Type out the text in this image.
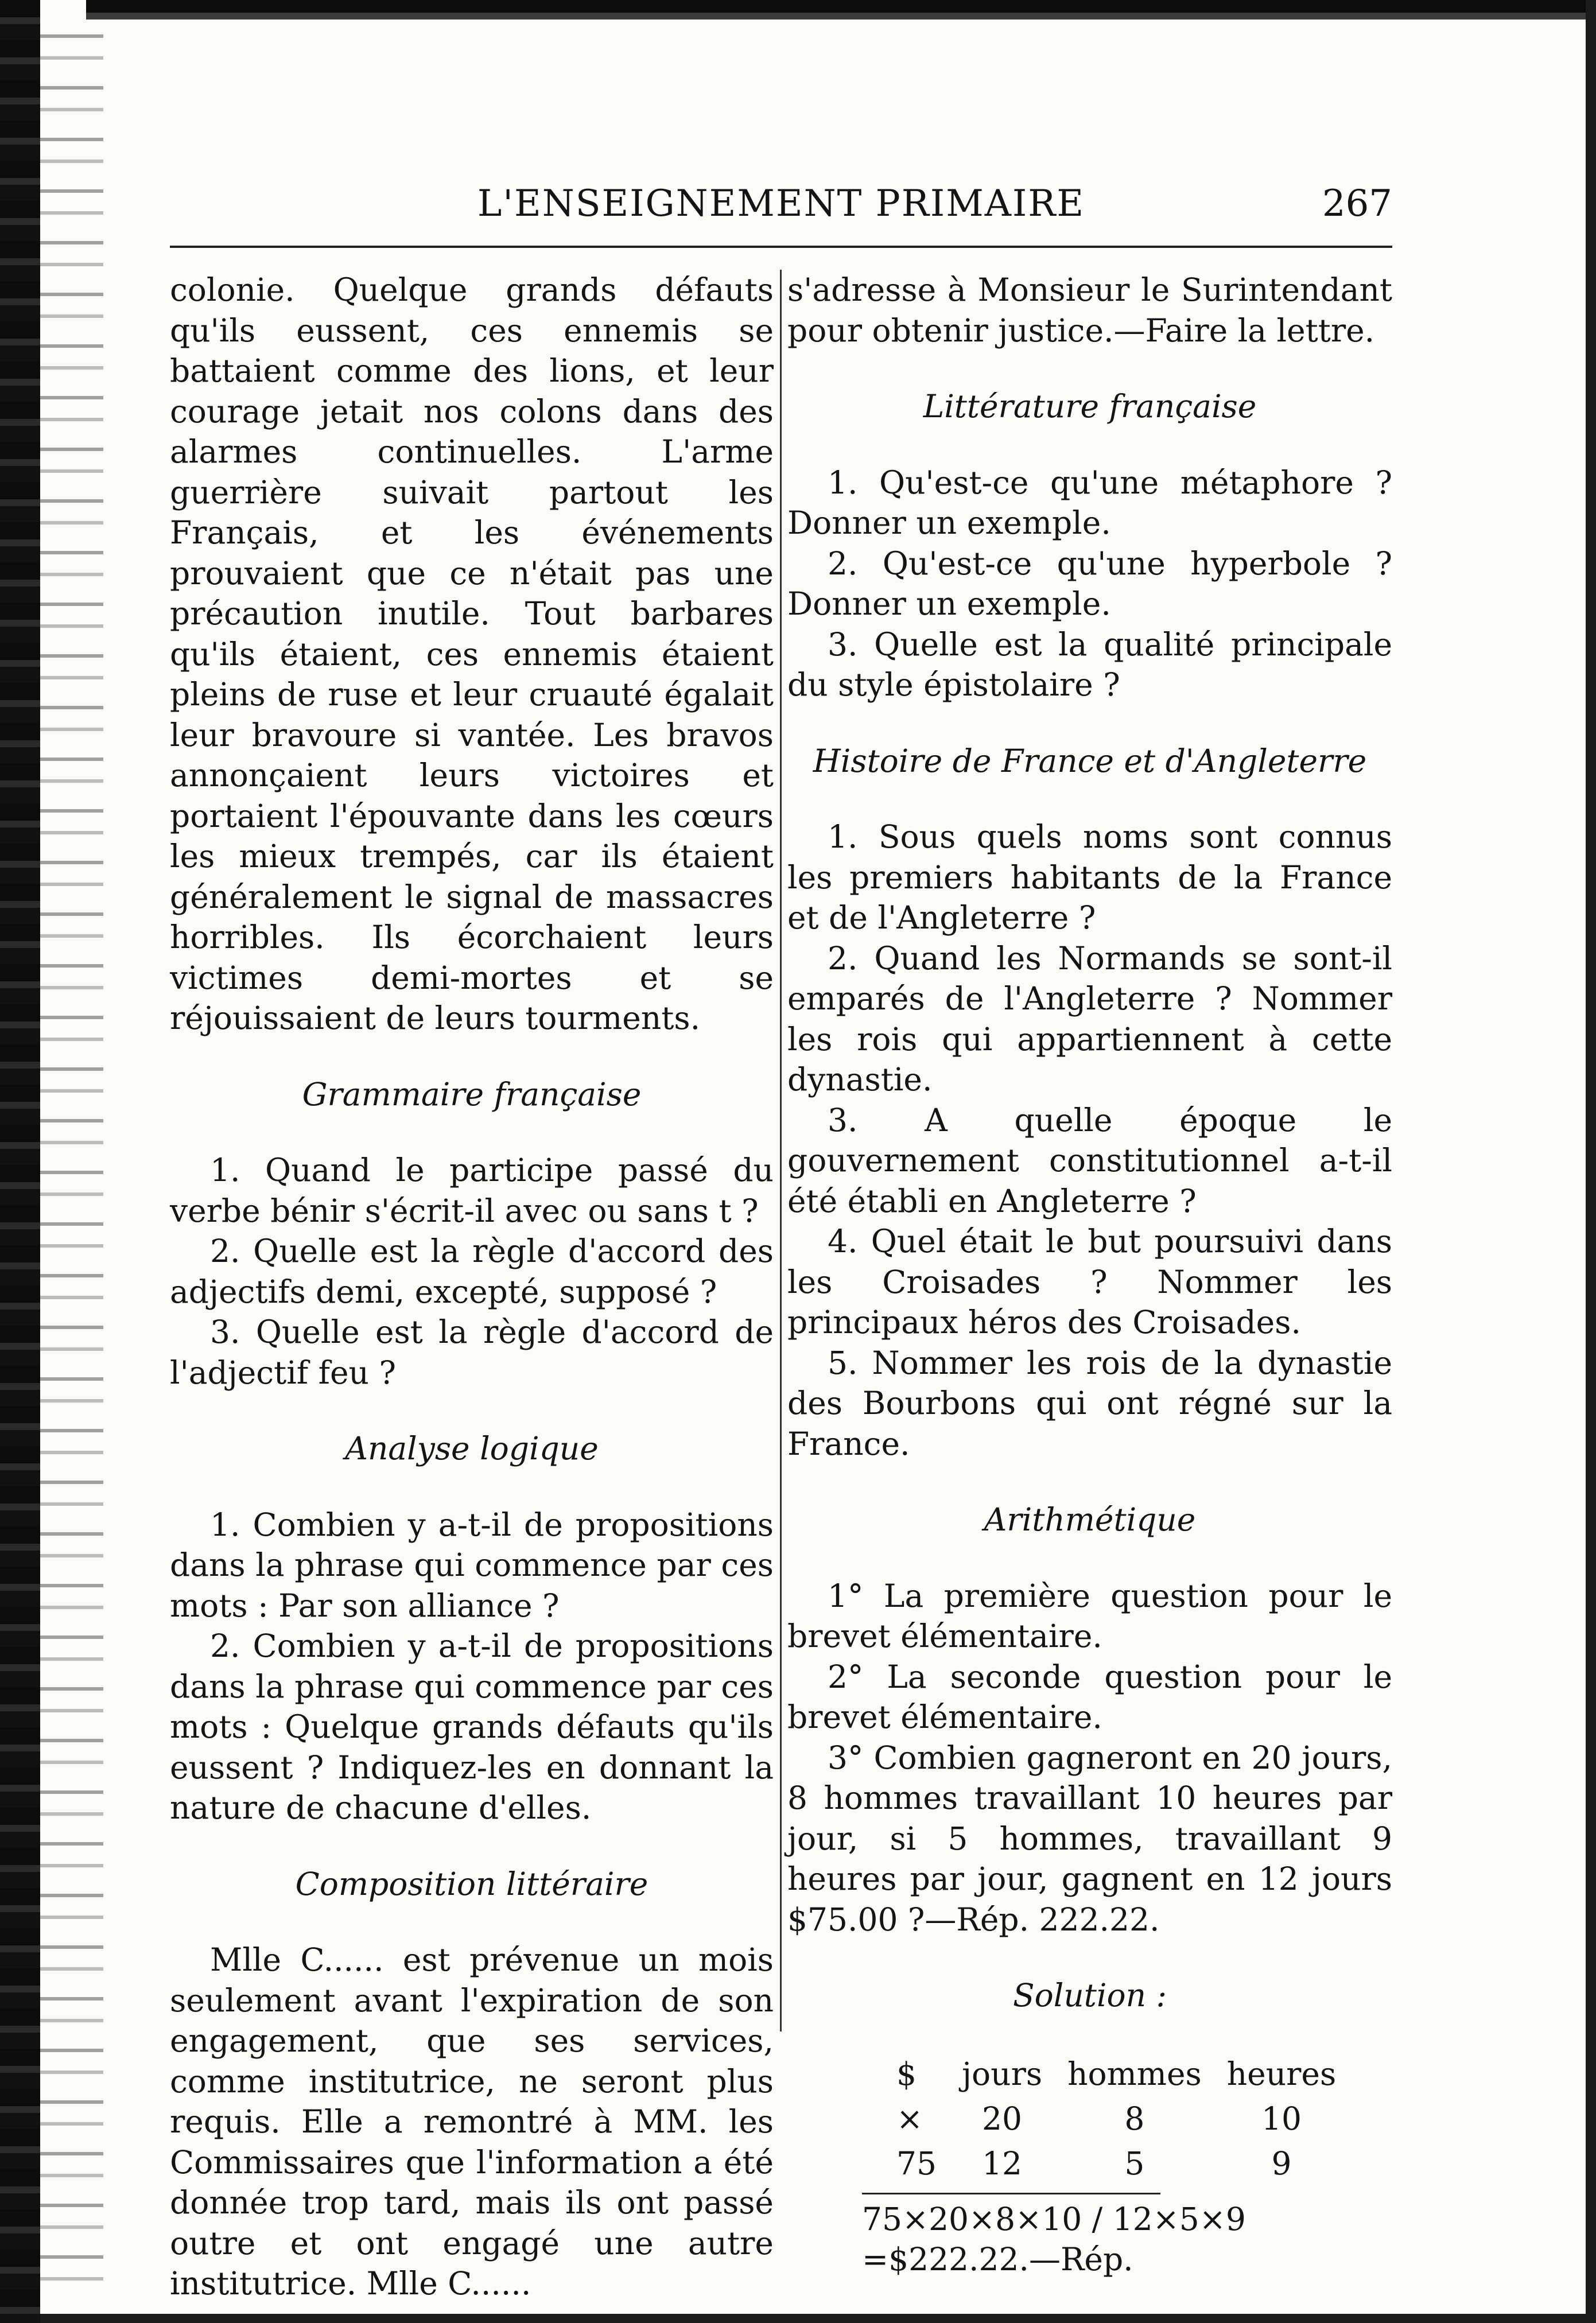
L'ENSEIGNEMENT PRIMAIRE	267

colonie. Quelque grands défauts qu'ils eussent, ces ennemis se battaient comme des lions, et leur courage jetait nos colons dans des alarmes continuelles. L'arme guerrière suivait partout les Français, et les événements prouvaient que ce n'était pas une précaution inutile. Tout barbares qu'ils étaient, ces ennemis étaient pleins de ruse et leur cruauté égalait leur bravoure si vantée. Les bravos annonçaient leurs victoires et portaient l'épouvante dans les cœurs les mieux trempés, car ils étaient généralement le signal de massacres horribles. Ils écorchaient leurs victimes demi-mortes et se réjouissaient de leurs tourments.

Grammaire française

1. Quand le participe passé du verbe bénir s'écrit-il avec ou sans t ?

2. Quelle est la règle d'accord des adjectifs demi, excepté, supposé ?

3. Quelle est la règle d'accord de l'adjectif feu ?

Analyse logique

1. Combien y a-t-il de propositions dans la phrase qui commence par ces mots : Par son alliance ?

2. Combien y a-t-il de propositions dans la phrase qui commence par ces mots : Quelque grands défauts qu'ils eussent ? Indiquez-les en donnant la nature de chacune d'elles.

Composition littéraire

Mlle C...... est prévenue un mois seulement avant l'expiration de son engagement, que ses services, comme institutrice, ne seront plus requis. Elle a remontré à MM. les Commissaires que l'information a été donnée trop tard, mais ils ont passé outre et ont engagé une autre institutrice. Mlle C......

s'adresse à Monsieur le Surintendant pour obtenir justice.—Faire la lettre.

Littérature française

1. Qu'est-ce qu'une métaphore ? Donner un exemple.

2. Qu'est-ce qu'une hyperbole ? Donner un exemple.

3. Quelle est la qualité principale du style épistolaire ?

Histoire de France et d'Angleterre

1. Sous quels noms sont connus les premiers habitants de la France et de l'Angleterre ?

2. Quand les Normands se sont-il emparés de l'Angleterre ? Nommer les rois qui appartiennent à cette dynastie.

3. A quelle époque le gouvernement constitutionnel a-t-il été établi en Angleterre ?

4. Quel était le but poursuivi dans les Croisades ? Nommer les principaux héros des Croisades.

5. Nommer les rois de la dynastie des Bourbons qui ont régné sur la France.

Arithmétique

1° La première question pour le brevet élémentaire.

2° La seconde question pour le brevet élémentaire.

3° Combien gagneront en 20 jours, 8 hommes travaillant 10 heures par jour, si 5 hommes, travaillant 9 heures par jour, gagnent en 12 jours $75.00 ?—Rép. 222.22.

Solution :
$	jours	hommes	heures
×	20	8	10
75	12	5	9
75×20×8×10 / 12×5×9 =$222.22.—Rép.
